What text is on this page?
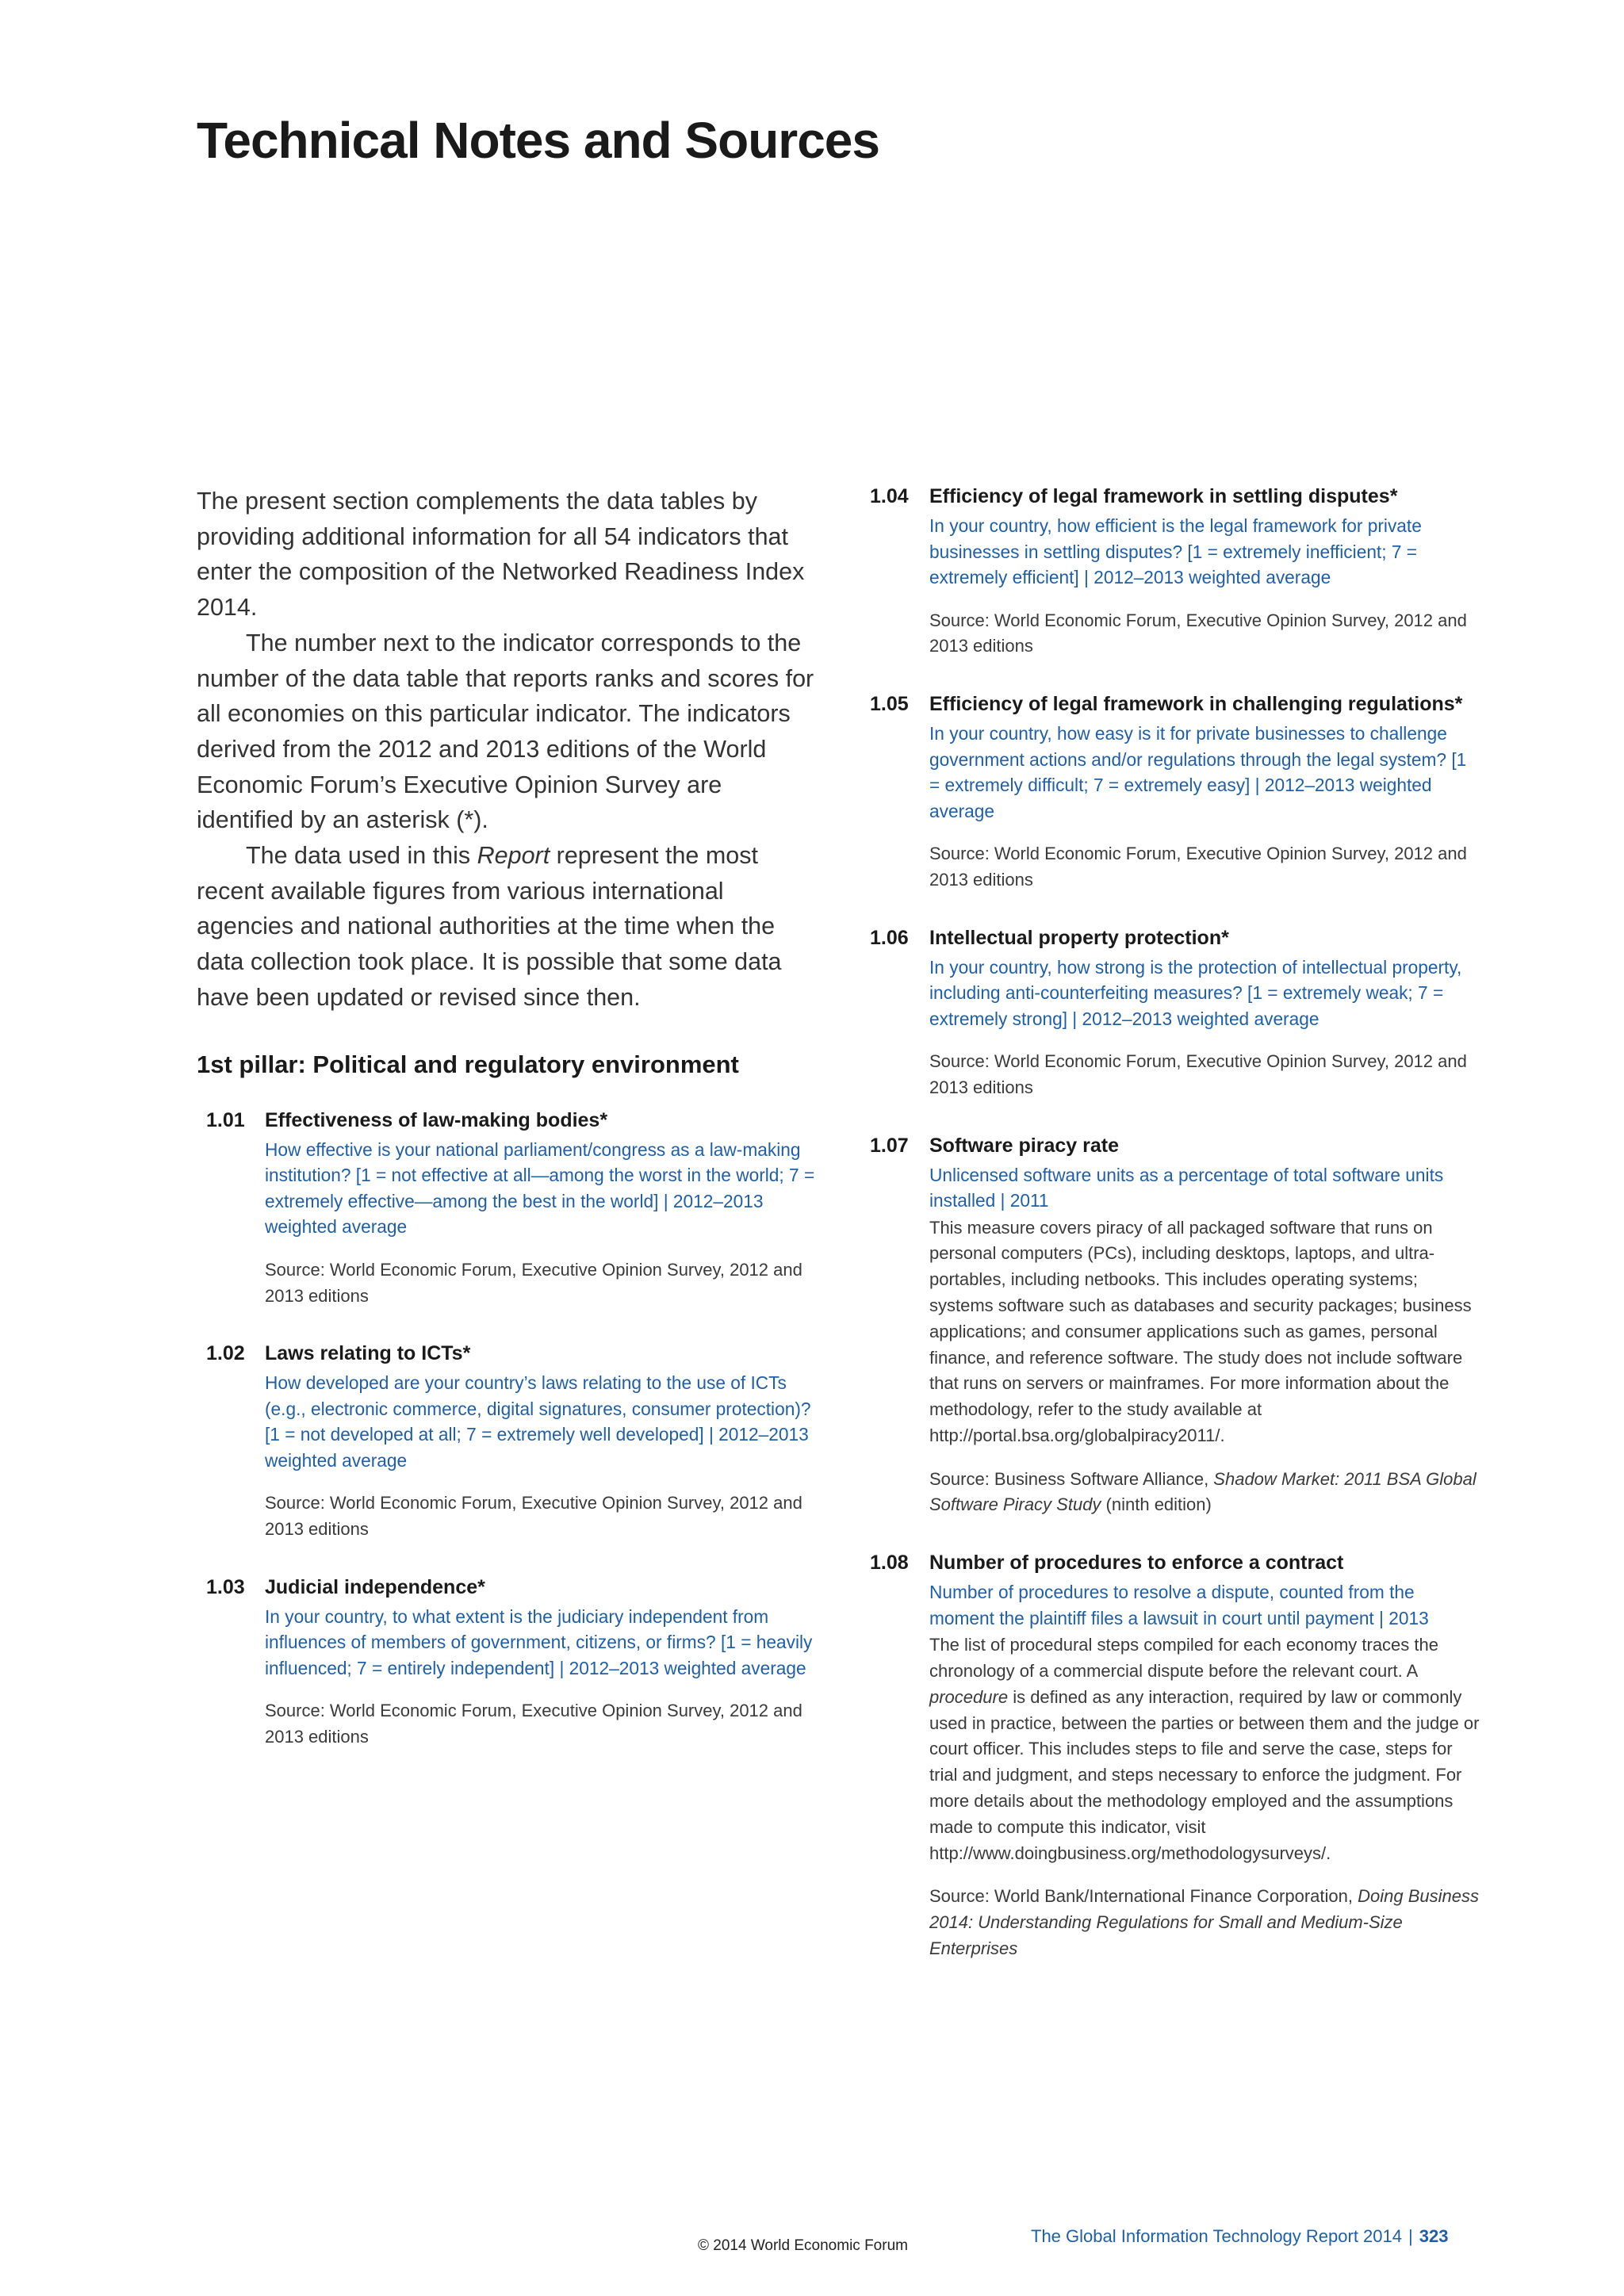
Technical Notes and Sources

The present section complements the data tables by providing additional information for all 54 indicators that enter the composition of the Networked Readiness Index 2014.

The number next to the indicator corresponds to the number of the data table that reports ranks and scores for all economies on this particular indicator. The indicators derived from the 2012 and 2013 editions of the World Economic Forum’s Executive Opinion Survey are identified by an asterisk (*).

The data used in this Report represent the most recent available figures from various international agencies and national authorities at the time when the data collection took place. It is possible that some data have been updated or revised since then.

1st pillar: Political and regulatory environment
1.01 Effectiveness of law-making bodies*
How effective is your national parliament/congress as a law-making institution? [1 = not effective at all—among the worst in the world; 7 = extremely effective—among the best in the world] | 2012–2013 weighted average
Source: World Economic Forum, Executive Opinion Survey, 2012 and 2013 editions
1.02 Laws relating to ICTs*
How developed are your country’s laws relating to the use of ICTs (e.g., electronic commerce, digital signatures, consumer protection)? [1 = not developed at all; 7 = extremely well developed] | 2012–2013 weighted average
Source: World Economic Forum, Executive Opinion Survey, 2012 and 2013 editions
1.03 Judicial independence*
In your country, to what extent is the judiciary independent from influences of members of government, citizens, or firms? [1 = heavily influenced; 7 = entirely independent] | 2012–2013 weighted average
Source: World Economic Forum, Executive Opinion Survey, 2012 and 2013 editions
1.04 Efficiency of legal framework in settling disputes*
In your country, how efficient is the legal framework for private businesses in settling disputes? [1 = extremely inefficient; 7 = extremely efficient] | 2012–2013 weighted average
Source: World Economic Forum, Executive Opinion Survey, 2012 and 2013 editions
1.05 Efficiency of legal framework in challenging regulations*
In your country, how easy is it for private businesses to challenge government actions and/or regulations through the legal system? [1 = extremely difficult; 7 = extremely easy] | 2012–2013 weighted average
Source: World Economic Forum, Executive Opinion Survey, 2012 and 2013 editions
1.06 Intellectual property protection*
In your country, how strong is the protection of intellectual property, including anti-counterfeiting measures? [1 = extremely weak; 7 = extremely strong] | 2012–2013 weighted average
Source: World Economic Forum, Executive Opinion Survey, 2012 and 2013 editions
1.07 Software piracy rate
Unlicensed software units as a percentage of total software units installed | 2011
This measure covers piracy of all packaged software that runs on personal computers (PCs), including desktops, laptops, and ultra-portables, including netbooks. This includes operating systems; systems software such as databases and security packages; business applications; and consumer applications such as games, personal finance, and reference software. The study does not include software that runs on servers or mainframes. For more information about the methodology, refer to the study available at http://portal.bsa.org/globalpiracy2011/.
Source: Business Software Alliance, Shadow Market: 2011 BSA Global Software Piracy Study (ninth edition)
1.08 Number of procedures to enforce a contract
Number of procedures to resolve a dispute, counted from the moment the plaintiff files a lawsuit in court until payment | 2013
The list of procedural steps compiled for each economy traces the chronology of a commercial dispute before the relevant court. A procedure is defined as any interaction, required by law or commonly used in practice, between the parties or between them and the judge or court officer. This includes steps to file and serve the case, steps for trial and judgment, and steps necessary to enforce the judgment. For more details about the methodology employed and the assumptions made to compute this indicator, visit http://www.doingbusiness.org/methodologysurveys/.
Source: World Bank/International Finance Corporation, Doing Business 2014: Understanding Regulations for Small and Medium-Size Enterprises
© 2014 World Economic Forum	The Global Information Technology Report 2014 | 323
